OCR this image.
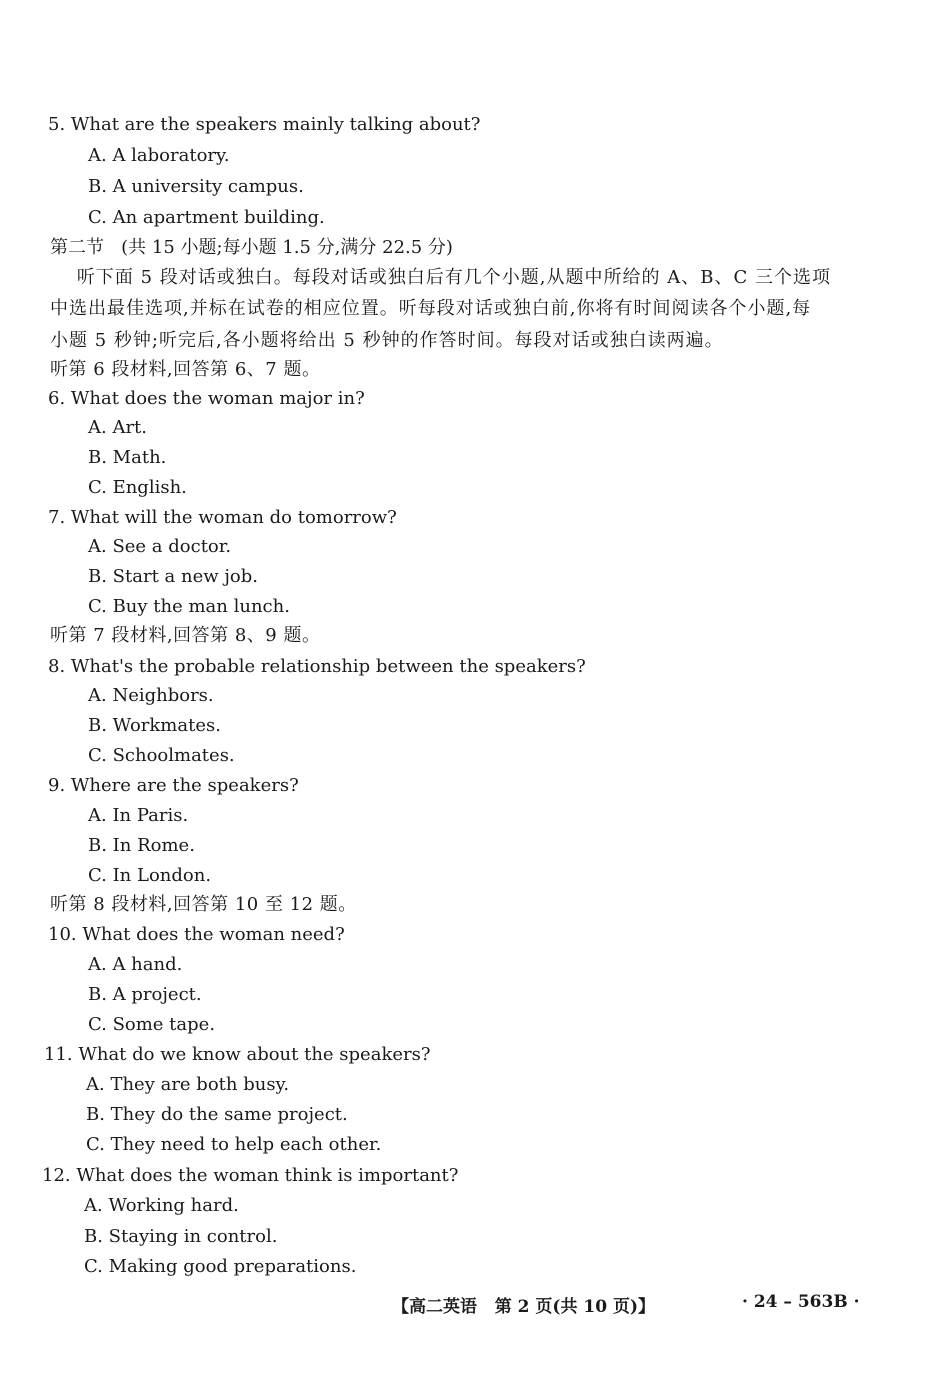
5. What are the speakers mainly talking about?
A. A laboratory.
B. A university campus.
C. An apartment building.
第二节   (共 15 小题;每小题 1.5 分,满分 22.5 分)
听下面 5 段对话或独白。每段对话或独白后有几个小题,从题中所给的 A、B、C 三个选项
中选出最佳选项,并标在试卷的相应位置。听每段对话或独白前,你将有时间阅读各个小题,每
小题 5 秒钟;听完后,各小题将给出 5 秒钟的作答时间。每段对话或独白读两遍。
听第 6 段材料,回答第 6、7 题。
6. What does the woman major in?
A. Art.
B. Math.
C. English.
7. What will the woman do tomorrow?
A. See a doctor.
B. Start a new job.
C. Buy the man lunch.
听第 7 段材料,回答第 8、9 题。
8. What's the probable relationship between the speakers?
A. Neighbors.
B. Workmates.
C. Schoolmates.
9. Where are the speakers?
A. In Paris.
B. In Rome.
C. In London.
听第 8 段材料,回答第 10 至 12 题。
10. What does the woman need?
A. A hand.
B. A project.
C. Some tape.
11. What do we know about the speakers?
A. They are both busy.
B. They do the same project.
C. They need to help each other.
12. What does the woman think is important?
A. Working hard.
B. Staying in control.
C. Making good preparations.
【高二英语   第 2 页(共 10 页)】	· 24 – 563B ·
